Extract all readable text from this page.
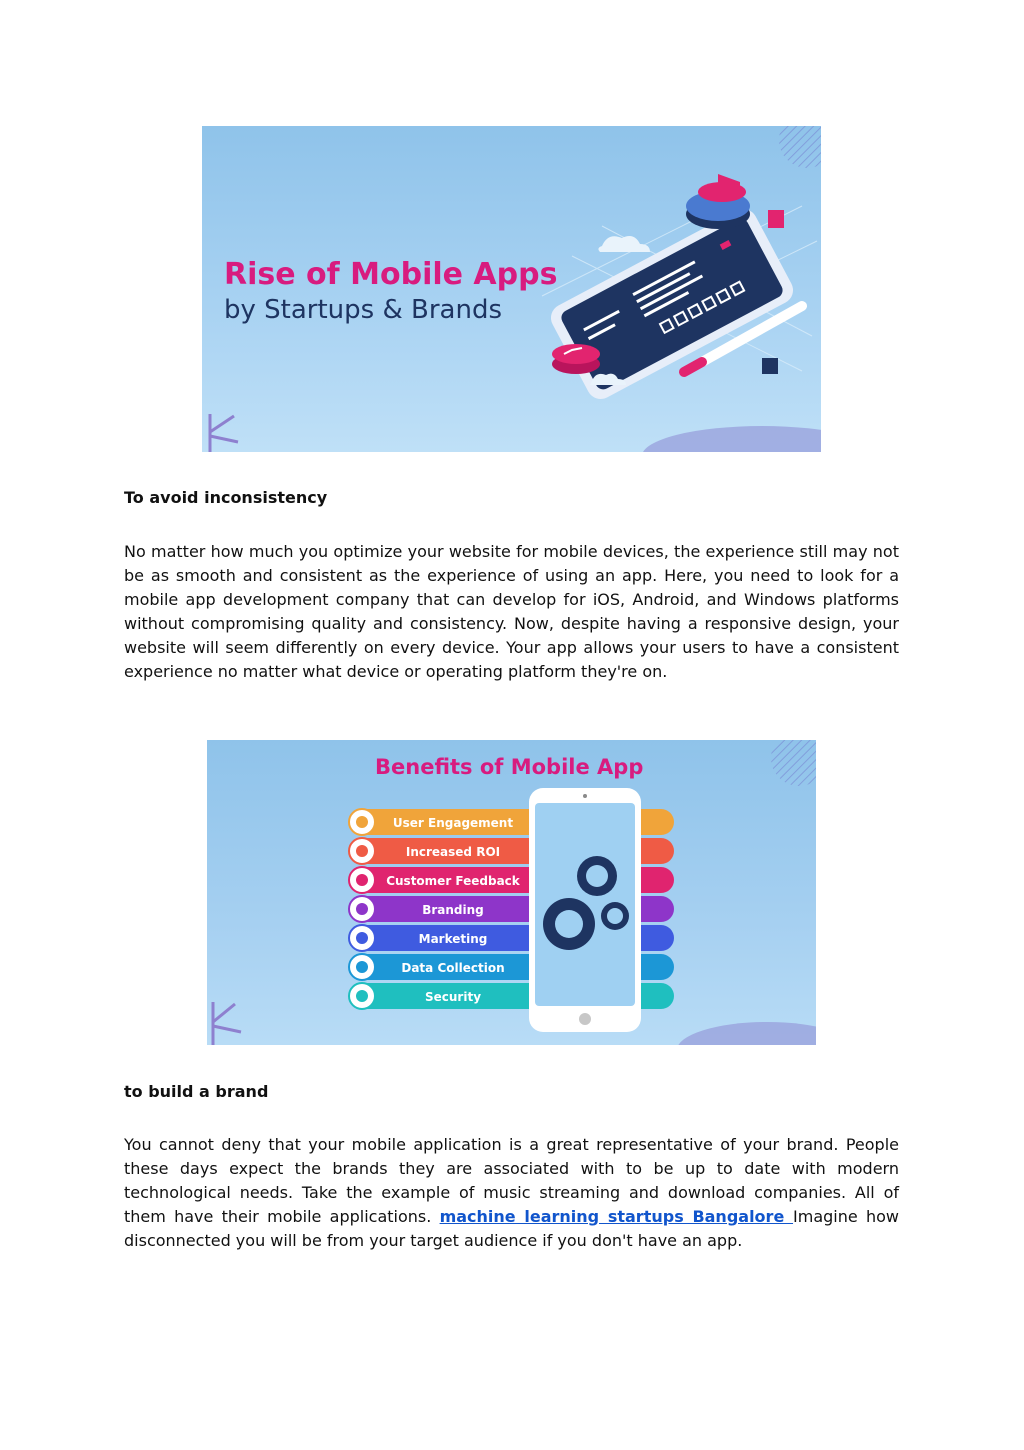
Rise of Mobile Apps
by Startups & Brands
To avoid inconsistency
No matter how much you optimize your website for mobile devices, the experience still may not be as smooth and consistent as the experience of using an app. Here, you need to look for a mobile app development company that can develop for iOS, Android, and Windows platforms without compromising quality and consistency. Now, despite having a responsive design, your website will seem differently on every device. Your app allows your users to have a consistent experience no matter what device or operating platform they're on.
Benefits of Mobile App
User Engagement
Increased ROI
Customer Feedback
Branding
Marketing
Data Collection
Security
to build a brand
You cannot deny that your mobile application is a great representative of your brand. People these days expect the brands they are associated with to be up to date with modern technological needs. Take the example of music streaming and download companies. All of them have their mobile applications. machine learning startups Bangalore Imagine how disconnected you will be from your target audience if you don't have an app.
